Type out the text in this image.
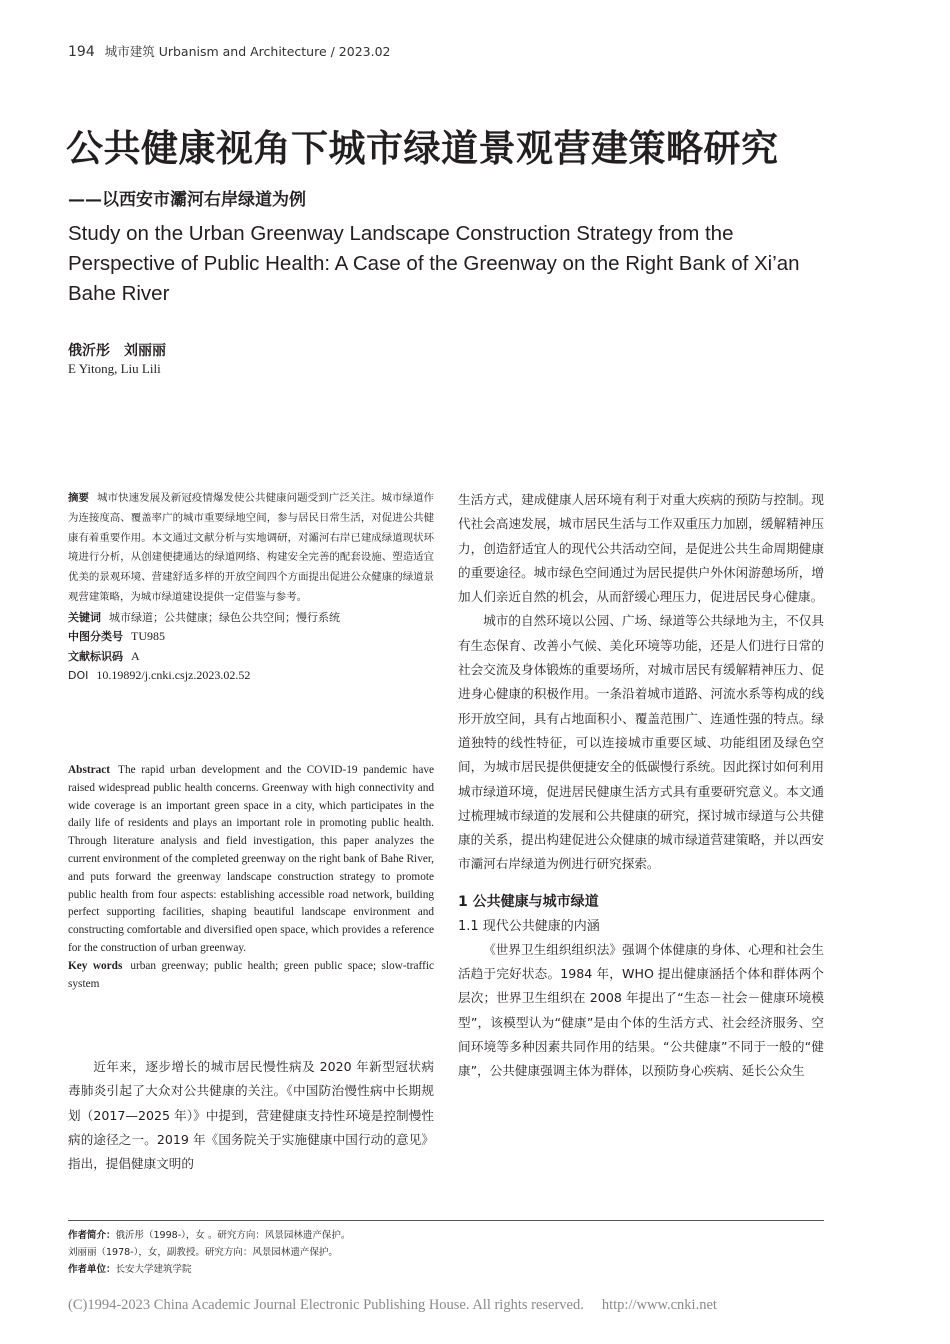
194 城市建筑 Urbanism and Architecture / 2023.02
公共健康视角下城市绿道景观营建策略研究
——以西安市灞河右岸绿道为例
Study on the Urban Greenway Landscape Construction Strategy from the Perspective of Public Health: A Case of the Greenway on the Right Bank of Xi’an Bahe River
俄沂彤　刘丽丽
E Yitong, Liu Lili
摘要 城市快速发展及新冠疫情爆发使公共健康问题受到广泛关注。城市绿道作为连接度高、覆盖率广的城市重要绿地空间，参与居民日常生活，对促进公共健康有着重要作用。本文通过文献分析与实地调研，对灞河右岸已建成绿道现状环境进行分析，从创建便捷通达的绿道网络、构建安全完善的配套设施、塑造适宜优美的景观环境、营建舒适多样的开放空间四个方面提出促进公众健康的绿道景观营建策略，为城市绿道建设提供一定借鉴与参考。
关键词 城市绿道；公共健康；绿色公共空间；慢行系统
中图分类号 TU985
文献标识码 A
DOI 10.19892/j.cnki.csjz.2023.02.52
Abstract The rapid urban development and the COVID-19 pandemic have raised widespread public health concerns. Greenway with high connectivity and wide coverage is an important green space in a city, which participates in the daily life of residents and plays an important role in promoting public health. Through literature analysis and field investigation, this paper analyzes the current environment of the completed greenway on the right bank of Bahe River, and puts forward the greenway landscape construction strategy to promote public health from four aspects: establishing accessible road network, building perfect supporting facilities, shaping beautiful landscape environment and constructing comfortable and diversified open space, which provides a reference for the construction of urban greenway.
Key words urban greenway; public health; green public space; slow-traffic system

近年来，逐步增长的城市居民慢性病及 2020 年新型冠状病毒肺炎引起了大众对公共健康的关注。《中国防治慢性病中长期规划（2017—2025 年）》中提到，营建健康支持性环境是控制慢性病的途径之一。2019 年《国务院关于实施健康中国行动的意见》指出，提倡健康文明的

生活方式，建成健康人居环境有利于对重大疾病的预防与控制。现代社会高速发展，城市居民生活与工作双重压力加剧，缓解精神压力，创造舒适宜人的现代公共活动空间，是促进公共生命周期健康的重要途径。城市绿色空间通过为居民提供户外休闲游憩场所，增加人们亲近自然的机会，从而舒缓心理压力，促进居民身心健康。

城市的自然环境以公园、广场、绿道等公共绿地为主，不仅具有生态保育、改善小气候、美化环境等功能，还是人们进行日常的社会交流及身体锻炼的重要场所，对城市居民有缓解精神压力、促进身心健康的积极作用。一条沿着城市道路、河流水系等构成的线形开放空间，具有占地面积小、覆盖范围广、连通性强的特点。绿道独特的线性特征，可以连接城市重要区域、功能组团及绿色空间，为城市居民提供便捷安全的低碳慢行系统。因此探讨如何利用城市绿道环境，促进居民健康生活方式具有重要研究意义。本文通过梳理城市绿道的发展和公共健康的研究，探讨城市绿道与公共健康的关系，提出构建促进公众健康的城市绿道营建策略，并以西安市灞河右岸绿道为例进行研究探索。

1 公共健康与城市绿道
1.1 现代公共健康的内涵

《世界卫生组织组织法》强调个体健康的身体、心理和社会生活趋于完好状态。1984 年，WHO 提出健康涵括个体和群体两个层次；世界卫生组织在 2008 年提出了“生态－社会－健康环境模型”，该模型认为“健康”是由个体的生活方式、社会经济服务、空间环境等多种因素共同作用的结果。“公共健康”不同于一般的“健康”，公共健康强调主体为群体，以预防身心疾病、延长公众生

作者简介：俄沂彤（1998-），女 。研究方向：风景园林遗产保护。
刘丽丽（1978-），女，副教授。研究方向：风景园林遗产保护。
作者单位：长安大学建筑学院
(C)1994-2023 China Academic Journal Electronic Publishing House. All rights reserved. http://www.cnki.net
